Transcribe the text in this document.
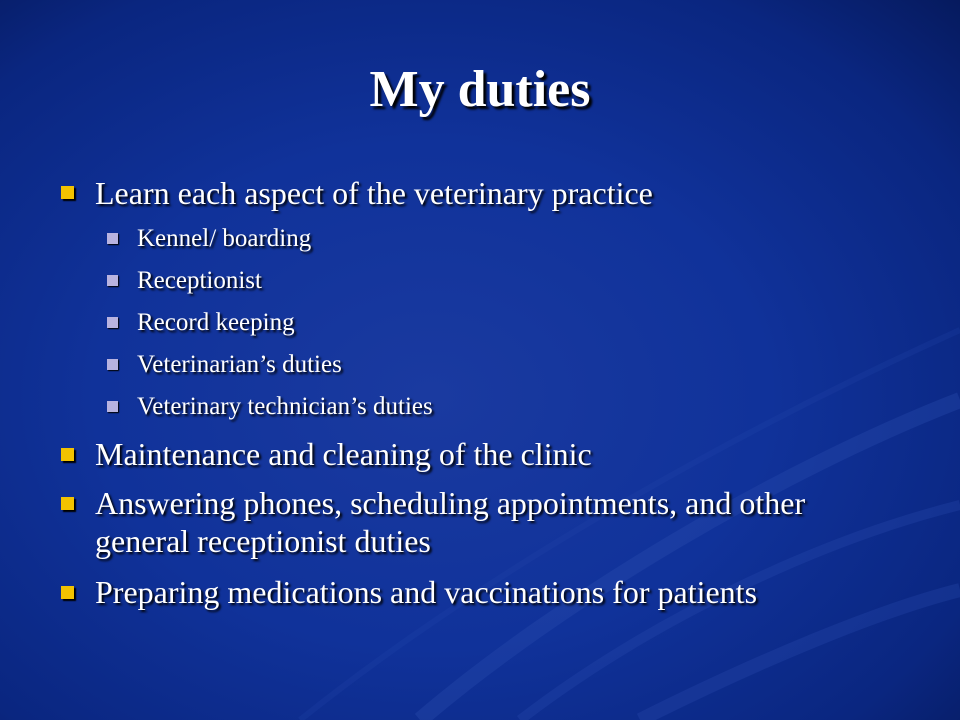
My duties
Learn each aspect of the veterinary practice
Kennel/ boarding
Receptionist
Record keeping
Veterinarian’s duties
Veterinary technician’s duties
Maintenance and cleaning of the clinic
Answering phones, scheduling appointments, and other
general receptionist duties
Preparing medications and vaccinations for patients
